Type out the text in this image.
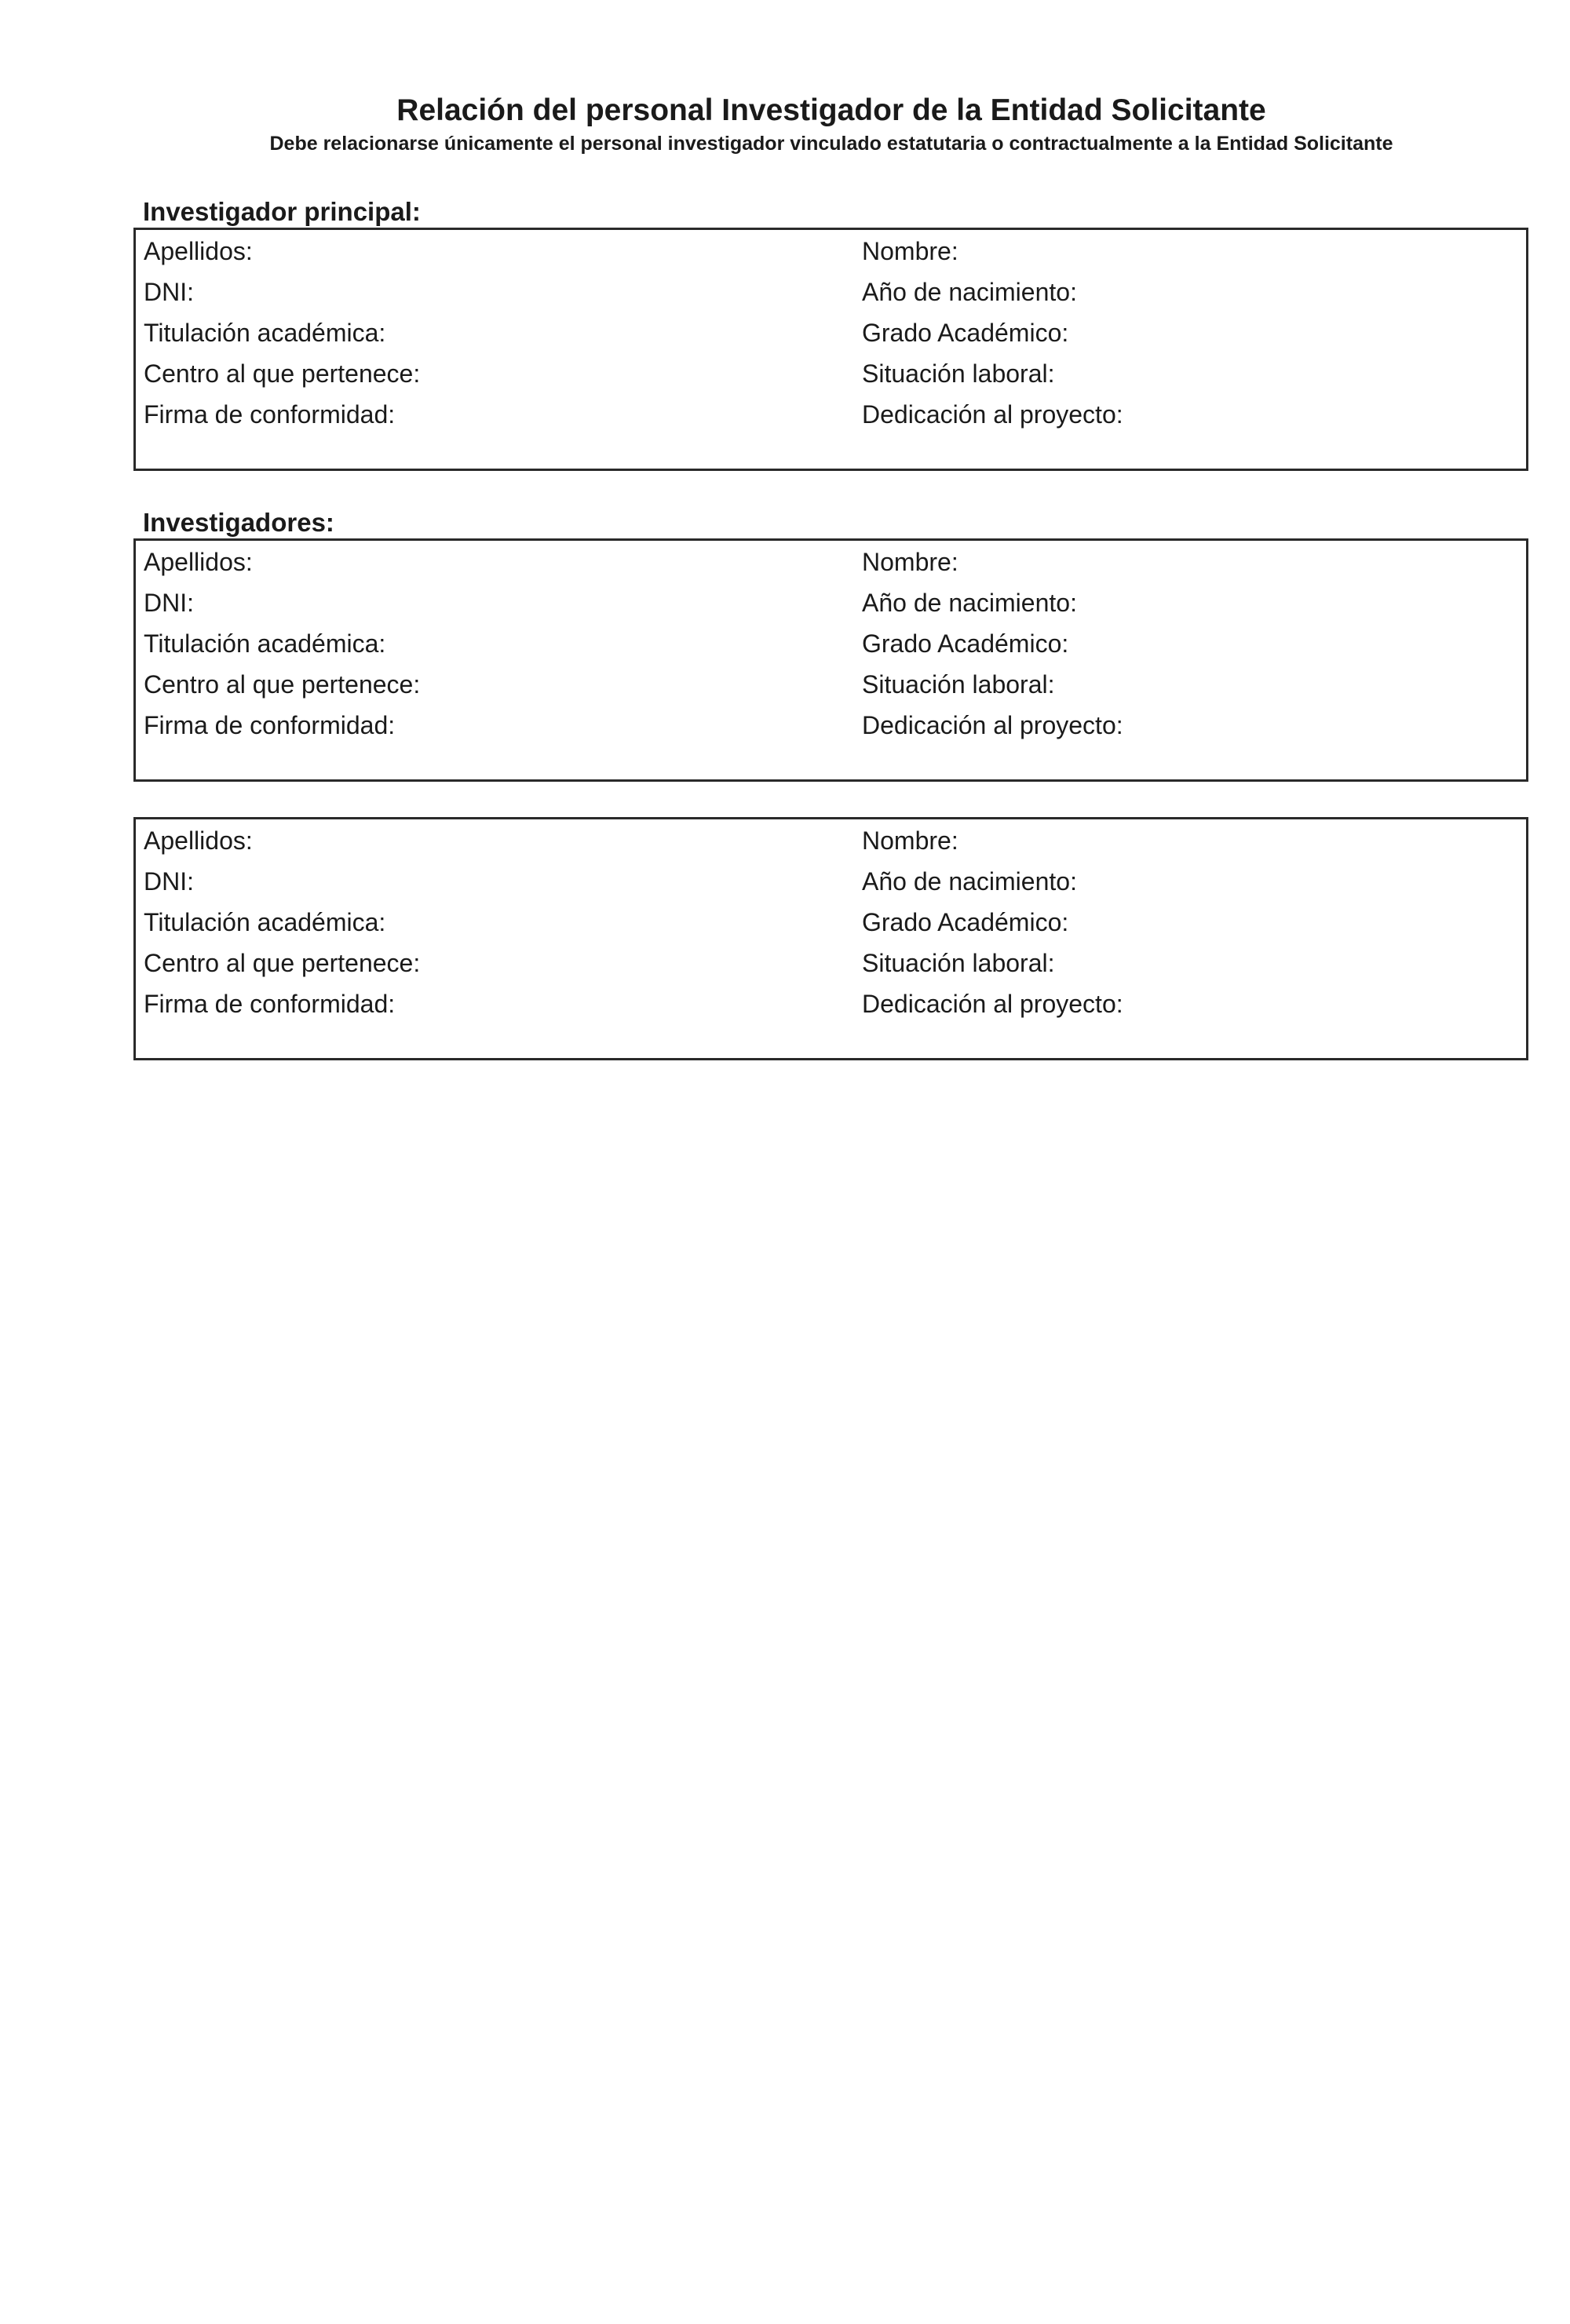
Relación del personal Investigador de la Entidad Solicitante
Debe relacionarse únicamente el personal investigador vinculado estatutaria o contractualmente a la Entidad Solicitante
Investigador principal:
Apellidos:
DNI:
Titulación académica:
Centro al que pertenece:
Firma de conformidad:
Nombre:
Año de nacimiento:
Grado Académico:
Situación laboral:
Dedicación al proyecto:
Investigadores:
Apellidos:
DNI:
Titulación académica:
Centro al que pertenece:
Firma de conformidad:
Nombre:
Año de nacimiento:
Grado Académico:
Situación laboral:
Dedicación al proyecto:
Apellidos:
DNI:
Titulación académica:
Centro al que pertenece:
Firma de conformidad:
Nombre:
Año de nacimiento:
Grado Académico:
Situación laboral:
Dedicación al proyecto:
